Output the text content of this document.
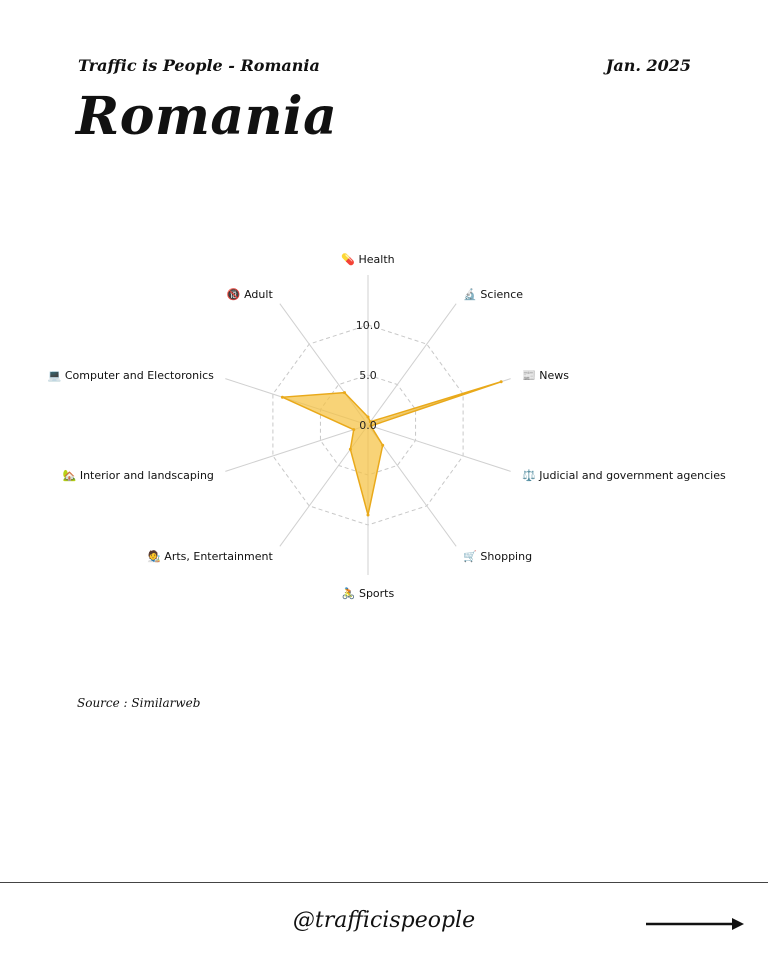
Traffic is People - Romania	Jan. 2025
Romania
0.0
5.0
10.0
💊 Health
🔬 Science
📰 News
⚖️ Judicial and government agencies
🛒 Shopping
🚴 Sports
🧑‍🎨 Arts, Entertainment
🏡 Interior and landscaping
💻 Computer and Electoronics
🔞 Adult
Source : Similarweb
@trafficispeople
